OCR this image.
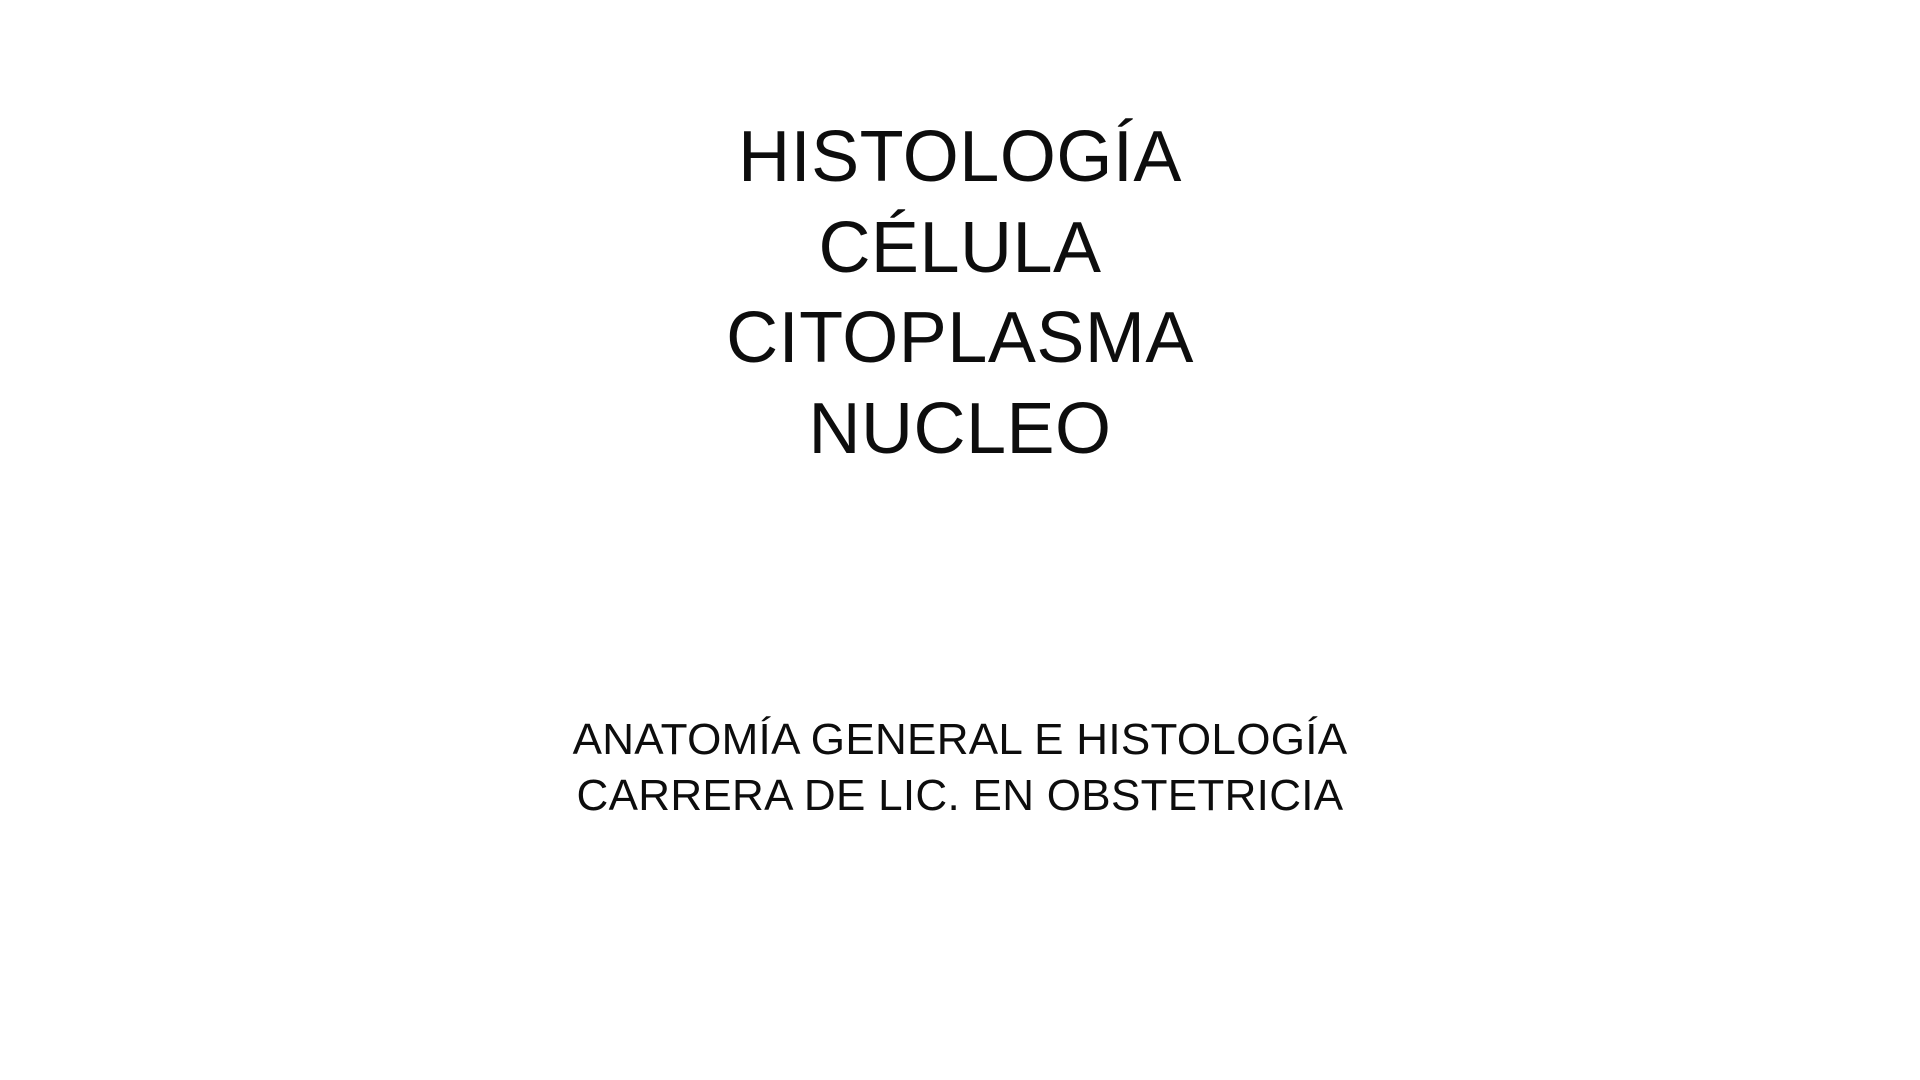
HISTOLOGÍA
CÉLULA
CITOPLASMA
NUCLEO
ANATOMÍA GENERAL E HISTOLOGÍA
CARRERA DE LIC. EN OBSTETRICIA
